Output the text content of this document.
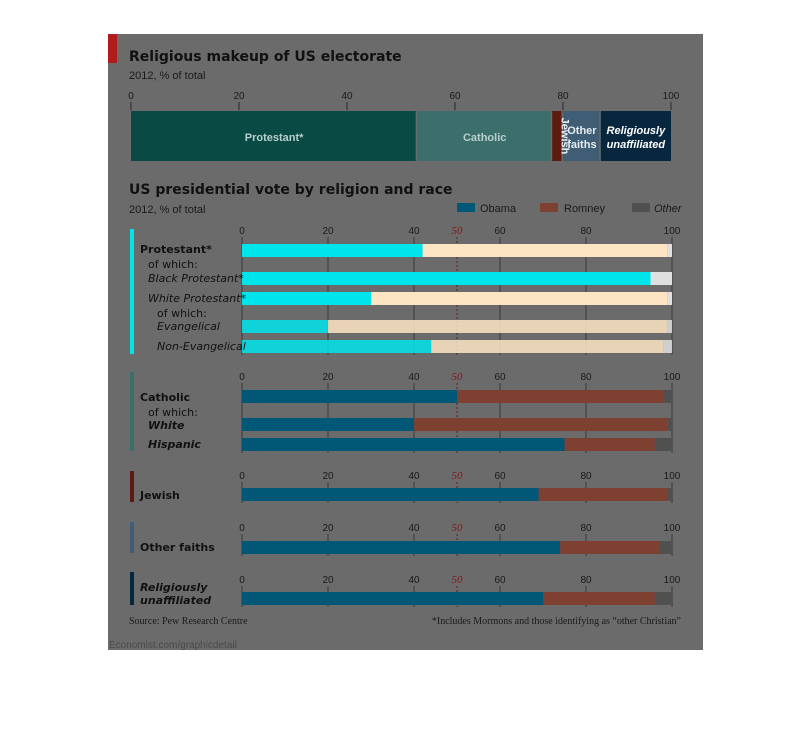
Religious makeup of US electorate
2012, % of total
0	20	40	60	80	100
Protestant*	Catholic	Jewish
Other
faiths
Religiously
unaffiliated
US presidential vote by religion and race
2012, % of total	Obama	Romney	Other
0	20	40	50	60	80	100
Protestant*
of which:
Black Protestant*
White Protestant*
of which:
Evangelical
Non-Evangelical
0	20	40	50	60	80	100
Catholic
of which:
White
Hispanic
0	20	40	50	60	80	100
Jewish
0	20	40	50	60	80	100
Other faiths
0	20	40	50	60	80	100
Religiously
unaffiliated
Source: Pew Research Centre	*Includes Mormons and those identifying as “other Christian”
Economist.com/graphicdetail
